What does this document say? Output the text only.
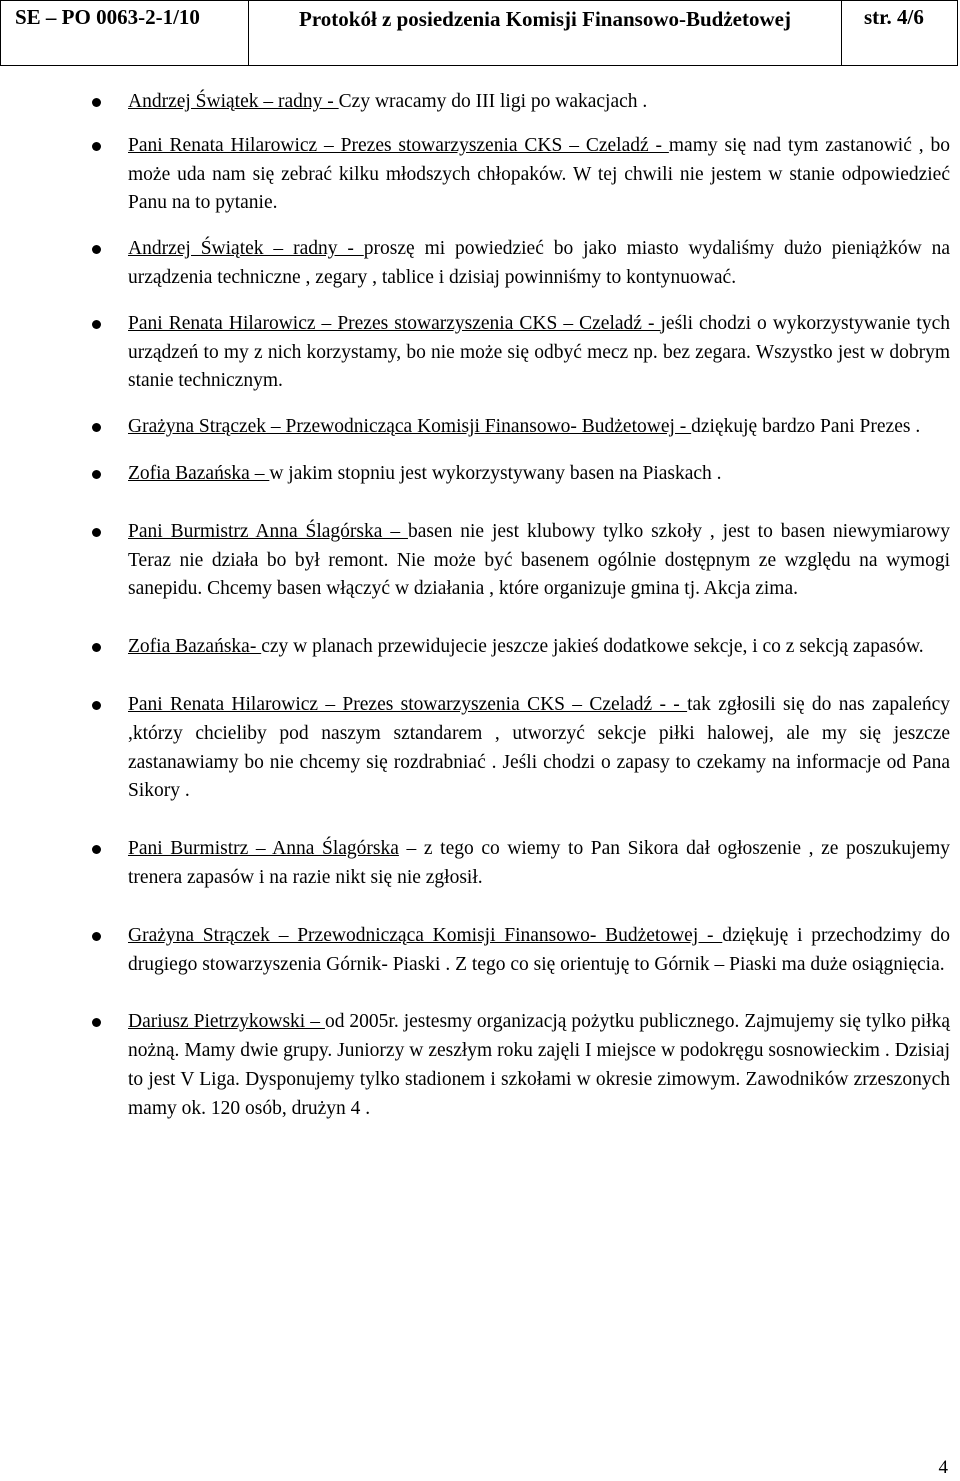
SE – PO 0063-2-1/10	Protokół z posiedzenia Komisji Finansowo-Budżetowej	str. 4/6
Andrzej Świątek – radny - Czy wracamy do III ligi po wakacjach .
Pani Renata Hilarowicz – Prezes stowarzyszenia CKS – Czeladź - mamy się nad tym zastanowić , bo może uda nam się zebrać kilku młodszych chłopaków. W tej chwili nie jestem w stanie odpowiedzieć Panu na to pytanie.
Andrzej Świątek – radny - proszę mi powiedzieć bo jako miasto wydaliśmy dużo pieniążków na urządzenia techniczne , zegary , tablice i dzisiaj powinniśmy to kontynuować.
Pani Renata Hilarowicz – Prezes stowarzyszenia CKS – Czeladź - jeśli chodzi o wykorzystywanie tych urządzeń to my z nich korzystamy, bo nie może się odbyć mecz np. bez zegara. Wszystko jest w dobrym stanie technicznym.
Grażyna Strączek – Przewodnicząca Komisji Finansowo- Budżetowej - dziękuję bardzo Pani Prezes .
Zofia Bazańska – w jakim stopniu jest wykorzystywany basen na Piaskach .
Pani Burmistrz Anna Ślagórska – basen nie jest klubowy tylko szkoły , jest to basen niewymiarowy Teraz nie działa bo był remont. Nie może być basenem ogólnie dostępnym ze względu na wymogi sanepidu. Chcemy basen włączyć w działania , które organizuje gmina tj. Akcja zima.
Zofia Bazańska- czy w planach przewidujecie jeszcze jakieś dodatkowe sekcje, i co z sekcją zapasów.
Pani Renata Hilarowicz – Prezes stowarzyszenia CKS – Czeladź - - tak zgłosili się do nas zapaleńcy ,którzy chcieliby pod naszym sztandarem , utworzyć sekcje piłki halowej, ale my się jeszcze zastanawiamy bo nie chcemy się rozdrabniać . Jeśli chodzi o zapasy to czekamy na informacje od Pana Sikory .
Pani Burmistrz – Anna Ślagórska – z tego co wiemy to Pan Sikora dał ogłoszenie , ze poszukujemy trenera zapasów i na razie nikt się nie zgłosił.
Grażyna Strączek – Przewodnicząca Komisji Finansowo- Budżetowej - dziękuję i przechodzimy do drugiego stowarzyszenia Górnik- Piaski . Z tego co się orientuję to Górnik – Piaski ma duże osiągnięcia.
Dariusz Pietrzykowski – od 2005r. jestesmy organizacją pożytku publicznego. Zajmujemy się tylko piłką nożną. Mamy dwie grupy. Juniorzy w zeszłym roku zajęli I miejsce w podokręgu sosnowieckim . Dzisiaj to jest V Liga. Dysponujemy tylko stadionem i szkołami w okresie zimowym. Zawodników zrzeszonych mamy ok. 120 osób, drużyn 4 .
4
